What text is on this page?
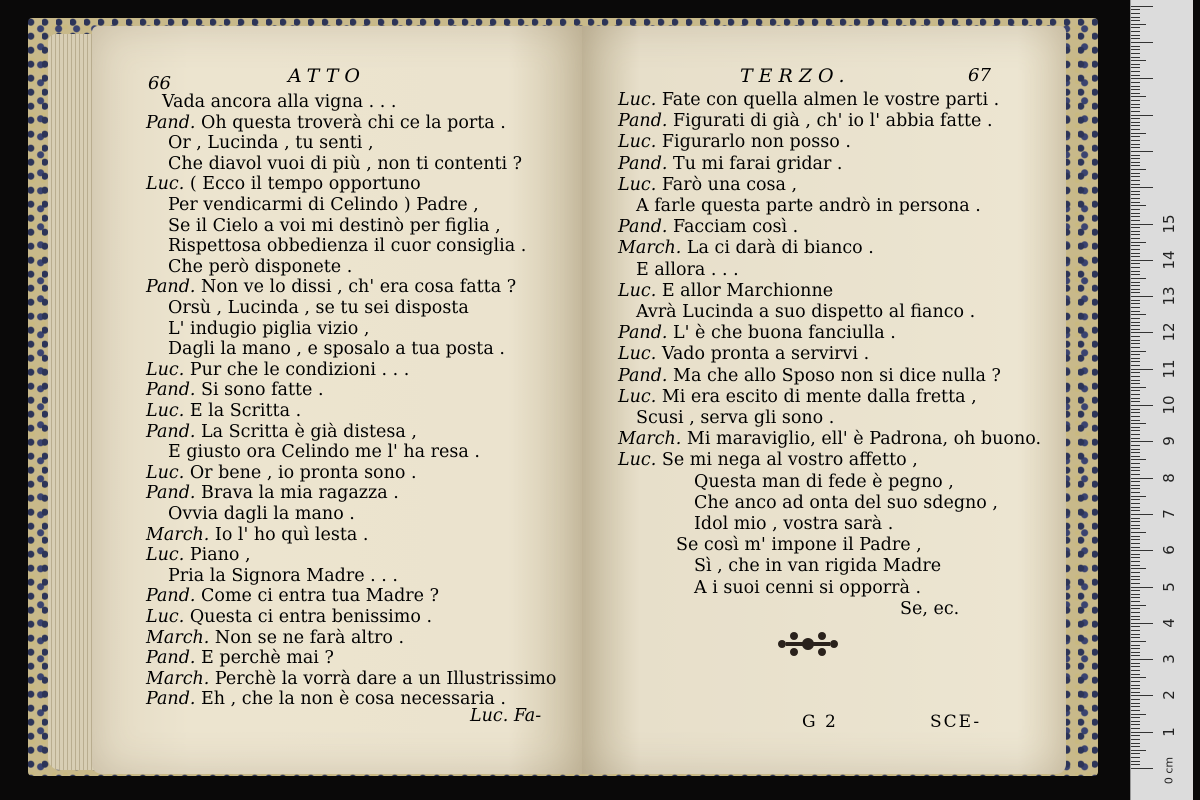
66	ATTO	TERZO.	67
Vada ancora alla vigna . . .
Pand. Oh questa troverà chi ce la porta .
Or , Lucinda , tu senti ,
Che diavol vuoi di più , non ti contenti ?
Luc. ( Ecco il tempo opportuno
Per vendicarmi di Celindo ) Padre ,
Se il Cielo a voi mi destinò per figlia ,
Rispettosa obbedienza il cuor consiglia .
Che però disponete .
Pand. Non ve lo dissi , ch' era cosa fatta ?
Orsù , Lucinda , se tu sei disposta
L' indugio piglia vizio ,
Dagli la mano , e sposalo a tua posta .
Luc. Pur che le condizioni . . .
Pand. Si sono fatte .
Luc. E la Scritta .
Pand. La Scritta è già distesa ,
E giusto ora Celindo me l' ha resa .
Luc. Or bene , io pronta sono .
Pand. Brava la mia ragazza .
Ovvia dagli la mano .
March. Io l' ho quì lesta .
Luc. Piano ,
Pria la Signora Madre . . .
Pand. Come ci entra tua Madre ?
Luc. Questa ci entra benissimo .
March. Non se ne farà altro .
Pand. E perchè mai ?
March. Perchè la vorrà dare a un Illustrissimo
Pand. Eh , che la non è cosa necessaria .
Luc. Fate con quella almen le vostre parti .
Pand. Figurati di già , ch' io l' abbia fatte .
Luc. Figurarlo non posso .
Pand. Tu mi farai gridar .
Luc. Farò una cosa ,
A farle questa parte andrò in persona .
Pand. Facciam così .
March. La ci darà di bianco .
E allora . . .
Luc. E allor Marchionne
Avrà Lucinda a suo dispetto al fianco .
Pand. L' è che buona fanciulla .
Luc. Vado pronta a servirvi .
Pand. Ma che allo Sposo non si dice nulla ?
Luc. Mi era escito di mente dalla fretta ,
Scusi , serva gli sono .
March. Mi maraviglio, ell' è Padrona, oh buono.
Luc. Se mi nega al vostro affetto ,
Questa man di fede è pegno ,
Che anco ad onta del suo sdegno ,
Idol mio , vostra sarà .
Se così m' impone il Padre ,
Sì , che in van rigida Madre
A i suoi cenni si opporrà .
Se, ec.
Luc. Fa-	G 2	SCE-	1
2
3
4
5
6
7
8
9
10
11
12
13
14
15
0 cm
